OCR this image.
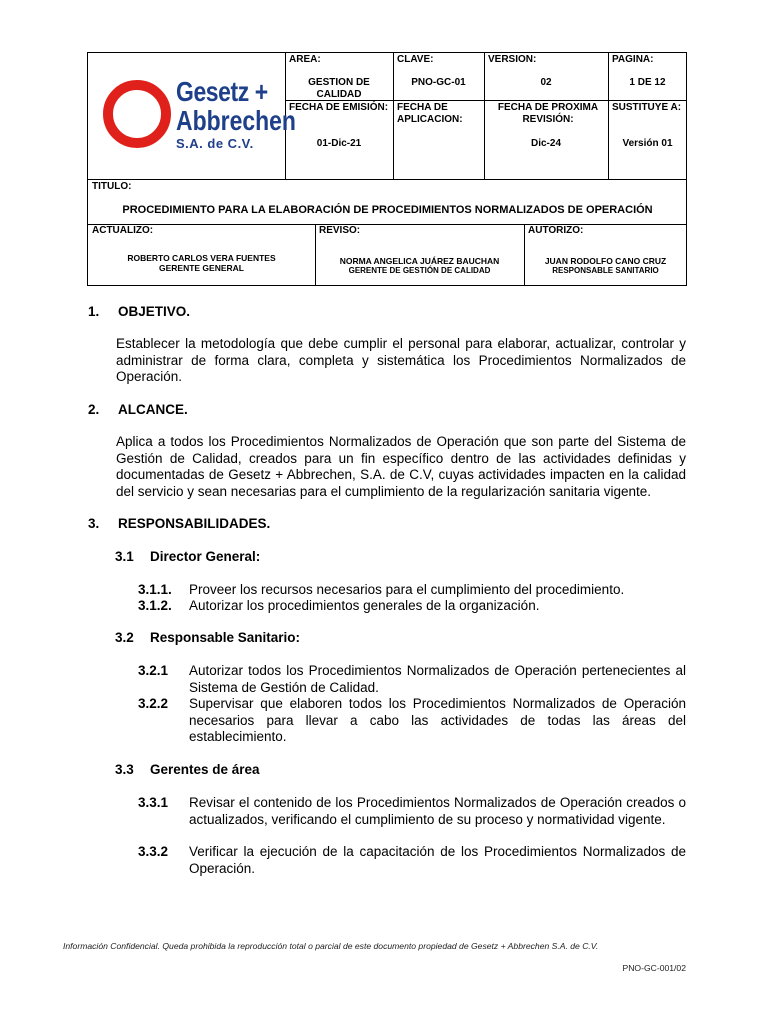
Gesetz +
Abbrechen
S.A. de C.V.
AREA:
GESTION DE CALIDAD
CLAVE:
PNO-GC-01
VERSION:
02
PAGINA:
1 DE 12
FECHA DE EMISIÓN:
01-Dic-21
FECHA DE APLICACION:
FECHA DE PROXIMA REVISIÓN:
Dic-24
SUSTITUYE A:
Versión 01
TITULO:
PROCEDIMIENTO PARA LA ELABORACIÓN DE PROCEDIMIENTOS NORMALIZADOS DE OPERACIÓN
ACTUALIZO:
ROBERTO CARLOS VERA FUENTES
GERENTE GENERAL
REVISO:
NORMA ANGELICA JUÁREZ BAUCHAN
GERENTE DE GESTIÓN DE CALIDAD
AUTORIZO:
JUAN RODOLFO CANO CRUZ
RESPONSABLE SANITARIO
1. OBJETIVO.
Establecer la metodología que debe cumplir el personal para elaborar, actualizar, controlar y administrar de forma clara, completa y sistemática los Procedimientos Normalizados de Operación.
2. ALCANCE.
Aplica a todos los Procedimientos Normalizados de Operación que son parte del Sistema de Gestión de Calidad, creados para un fin específico dentro de las actividades definidas y documentadas de Gesetz + Abbrechen, S.A. de C.V, cuyas actividades impacten en la calidad del servicio y sean necesarias para el cumplimiento de la regularización sanitaria vigente.
3. RESPONSABILIDADES.
3.1 Director General:
3.1.1. Proveer los recursos necesarios para el cumplimiento del procedimiento.
3.1.2. Autorizar los procedimientos generales de la organización.
3.2 Responsable Sanitario:
3.2.1 Autorizar todos los Procedimientos Normalizados de Operación pertenecientes al Sistema de Gestión de Calidad.
3.2.2 Supervisar que elaboren todos los Procedimientos Normalizados de Operación necesarios para llevar a cabo las actividades de todas las áreas del establecimiento.
3.3 Gerentes de área
3.3.1 Revisar el contenido de los Procedimientos Normalizados de Operación creados o actualizados, verificando el cumplimiento de su proceso y normatividad vigente.
3.3.2 Verificar la ejecución de la capacitación de los Procedimientos Normalizados de Operación.
Información Confidencial. Queda prohibida la reproducción total o parcial de este documento propiedad de Gesetz + Abbrechen S.A. de C.V.
PNO-GC-001/02
